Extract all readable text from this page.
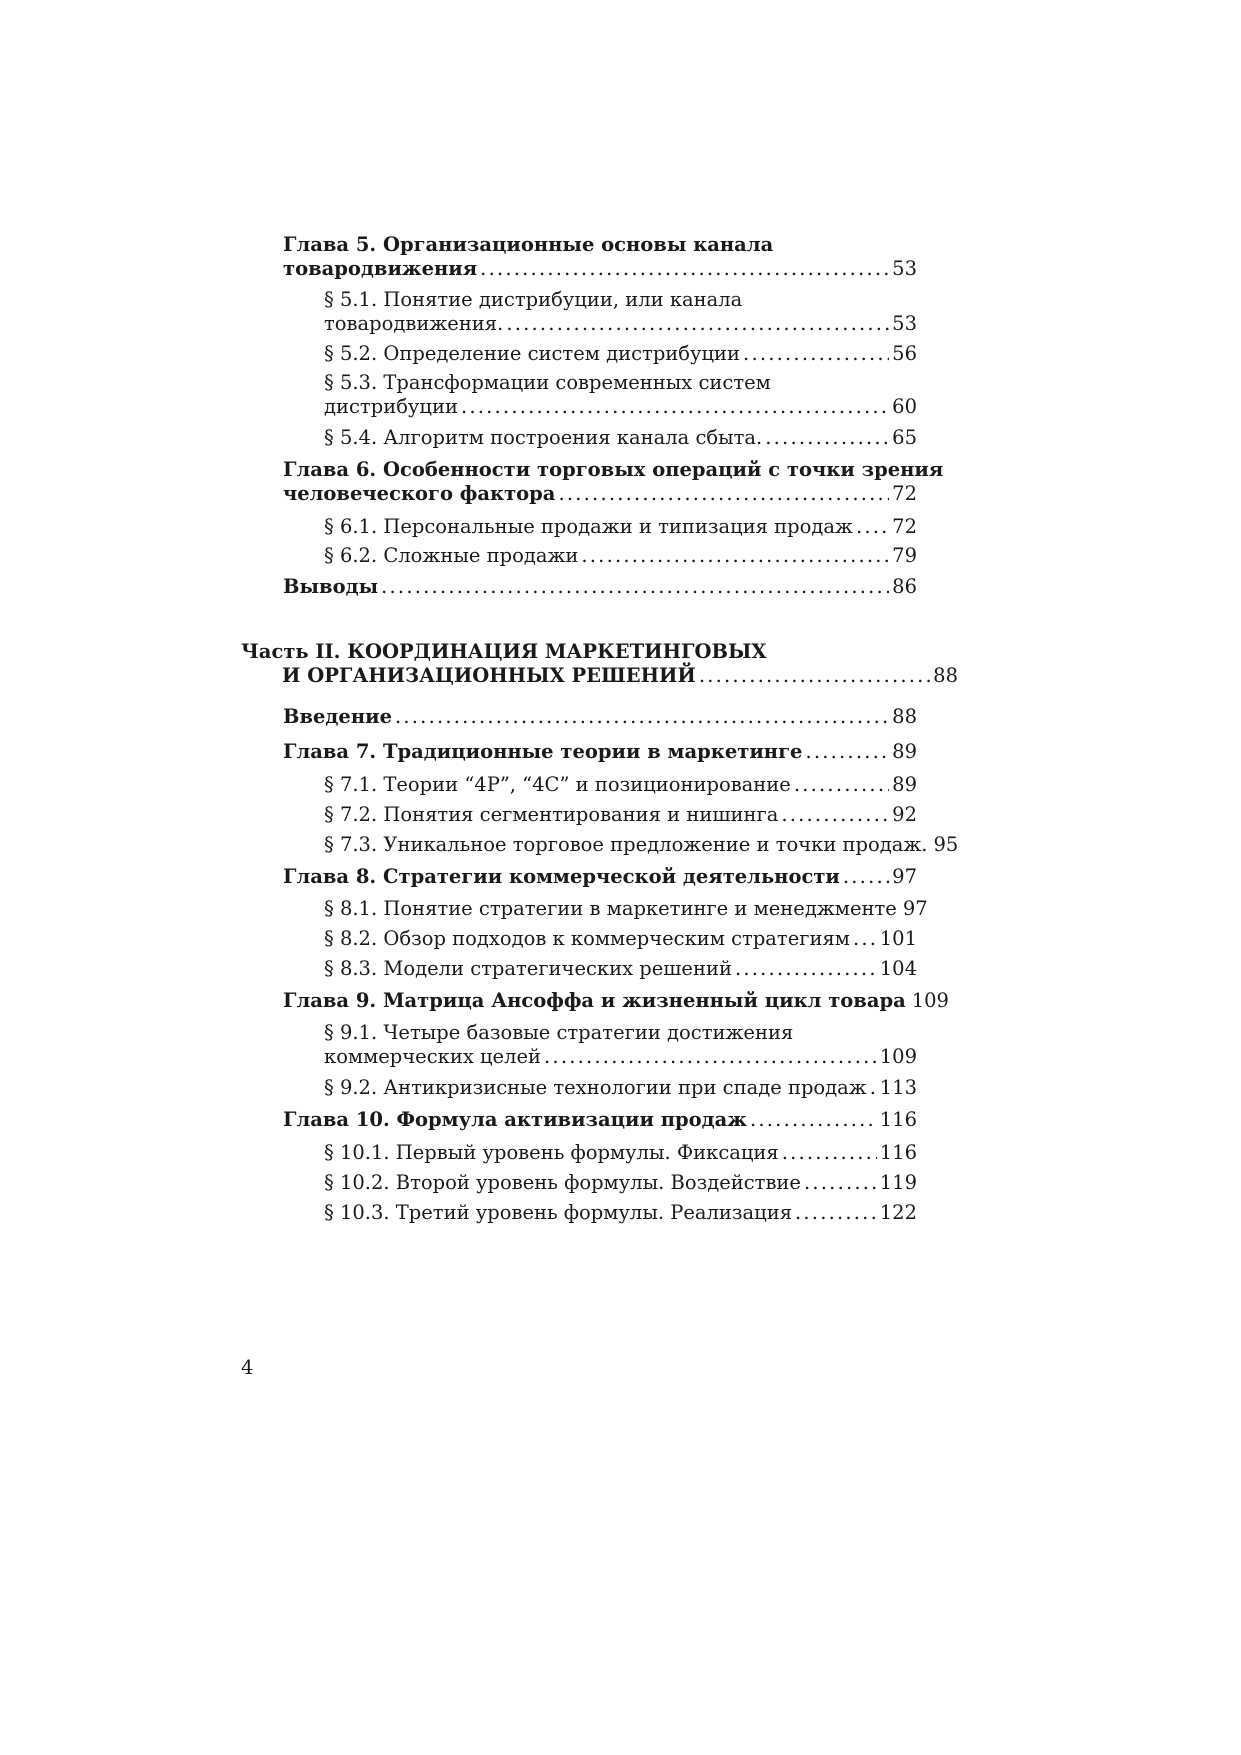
Глава 5. Организационные основы канала
товародвижения . . .	53
§ 5.1. Понятие дистрибуции, или канала
товародвижения. . . .	53
§ 5.2. Определение систем дистрибуции . . .	56
§ 5.3. Трансформации современных систем
дистрибуции . . .	60
§ 5.4. Алгоритм построения канала сбыта. . . .	65
Глава 6. Особенности торговых операций с точки зрения
человеческого фактора . . .	72
§ 6.1. Персональные продажи и типизация продаж . . . 72
§ 6.2. Сложные продажи . . .	79
Выводы . . .	86
Часть II. КООРДИНАЦИЯ МАРКЕТИНГОВЫХ
И ОРГАНИЗАЦИОННЫХ РЕШЕНИЙ . . .	88
Введение . . .	88
Глава 7. Традиционные теории в маркетинге . . .	89
§ 7.1. Теории “4P”, “4C” и позиционирование . . .	89
§ 7.2. Понятия сегментирования и нишинга . . .	92
§ 7.3. Уникальное торговое предложение и точки продаж. 95
Глава 8. Стратегии коммерческой деятельности . . .	97
§ 8.1. Понятие стратегии в маркетинге и менеджменте 97
§ 8.2. Обзор подходов к коммерческим стратегиям . . . 101
§ 8.3. Модели стратегических решений . . .	104
Глава 9. Матрица Ансоффа и жизненный цикл товара 109
§ 9.1. Четыре базовые стратегии достижения
коммерческих целей . . .	109
§ 9.2. Антикризисные технологии при спаде продаж . . . 113
Глава 10. Формула активизации продаж . . .	116
§ 10.1. Первый уровень формулы. Фиксация . . .	116
§ 10.2. Второй уровень формулы. Воздействие . . .	119
§ 10.3. Третий уровень формулы. Реализация . . .	122
4
